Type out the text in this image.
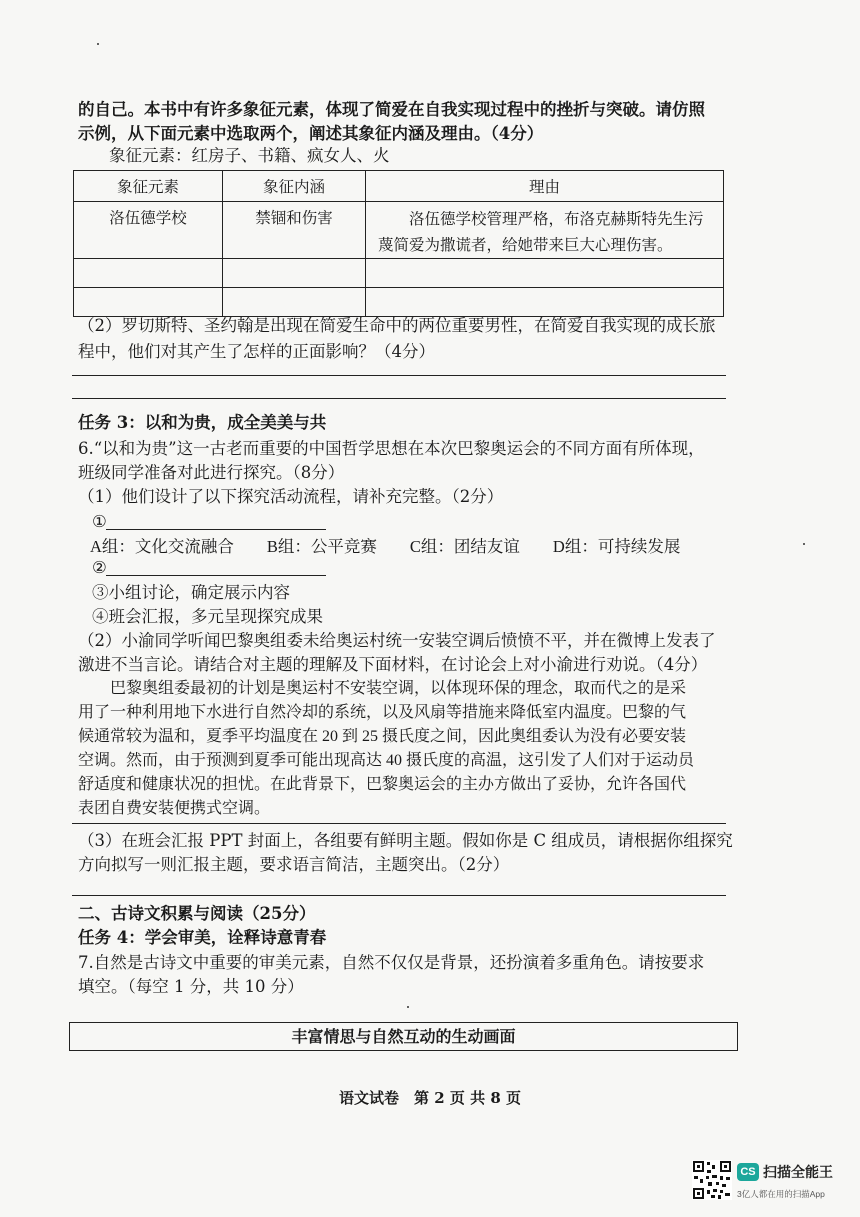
的自己。本书中有许多象征元素，体现了简爱在自我实现过程中的挫折与突破。请仿照
示例，从下面元素中选取两个，阐述其象征内涵及理由。（4分）
象征元素：红房子、书籍、疯女人、火
象征元素	象征内涵	理由
洛伍德学校	禁锢和伤害	洛伍德学校管理严格，布洛克赫斯特先生污蔑简爱为撒谎者，给她带来巨大心理伤害。

（2）罗切斯特、圣约翰是出现在简爱生命中的两位重要男性，在简爱自我实现的成长旅
程中，他们对其产生了怎样的正面影响？（4分）
任务 3：以和为贵，成全美美与共
6.“以和为贵”这一古老而重要的中国哲学思想在本次巴黎奥运会的不同方面有所体现，
班级同学准备对此进行探究。（8分）
（1）他们设计了以下探究活动流程，请补充完整。（2分）
①
A组：文化交流融合　　B组：公平竞赛　　C组：团结友谊　　D组：可持续发展
②
③小组讨论，确定展示内容
④班会汇报，多元呈现探究成果
（2）小渝同学听闻巴黎奥组委未给奥运村统一安装空调后愤愤不平，并在微博上发表了
激进不当言论。请结合对主题的理解及下面材料，在讨论会上对小渝进行劝说。（4分）
　　巴黎奥组委最初的计划是奥运村不安装空调，以体现环保的理念，取而代之的是采
用了一种利用地下水进行自然冷却的系统，以及风扇等措施来降低室内温度。巴黎的气
候通常较为温和，夏季平均温度在 20 到 25 摄氏度之间，因此奥组委认为没有必要安装
空调。然而，由于预测到夏季可能出现高达 40 摄氏度的高温，这引发了人们对于运动员
舒适度和健康状况的担忧。在此背景下，巴黎奥运会的主办方做出了妥协，允许各国代
表团自费安装便携式空调。
（3）在班会汇报 PPT 封面上，各组要有鲜明主题。假如你是 C 组成员，请根据你组探究
方向拟写一则汇报主题，要求语言简洁，主题突出。（2分）
二、古诗文积累与阅读（25分）
任务 4：学会审美，诠释诗意青春
7.自然是古诗文中重要的审美元素，自然不仅仅是背景，还扮演着多重角色。请按要求
填空。（每空 1 分，共 10 分）
丰富情思与自然互动的生动画面
语文试卷　第 2 页 共 8 页
CS 扫描全能王
3亿人都在用的扫描App
